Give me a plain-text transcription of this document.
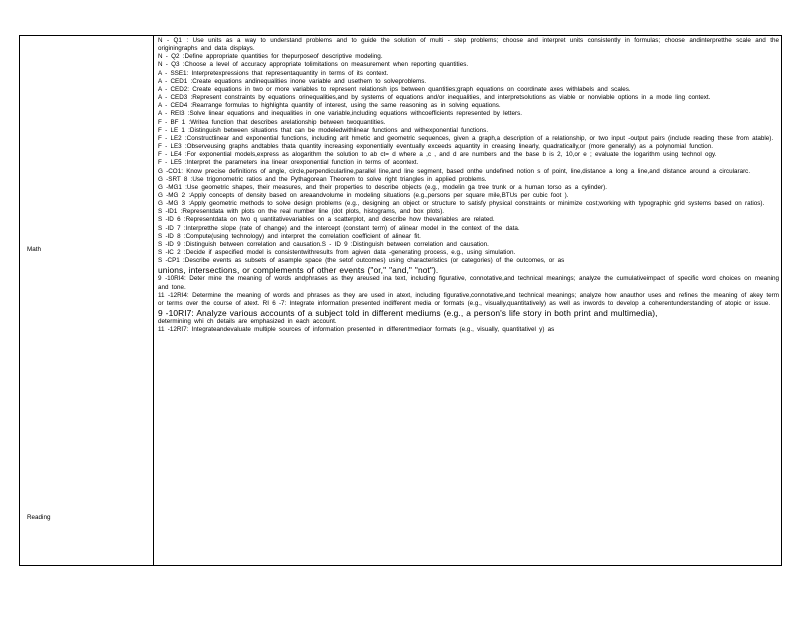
Math
Reading
N - Q1 : Use units as a way to understand problems and to guide the solution of multi - step problems; choose and interpret units consistently in formulas; choose andinterpretthe scale and the originingraphs and data displays.
N - Q2 :Define appropriate quantities for thepurposeof descriptive modeling.
N - Q3 :Choose a level of accuracy appropriate tolimitations on measurement when reporting quantities.
A - SSE1: Interpretexpressions that representaquantity in terms of its context.
A - CED1 :Create equations andinequalities inone variable and usethem to solveproblems.
A - CED2: Create equations in two or more variables to represent relationsh ips between quantities;graph equations on coordinate axes withlabels and scales.
A - CED3 :Represent constraints by equations orinequalities,and by systems of equations and/or inequalities, and interpretsolutions as viable or nonviable options in a mode ling context.
A - CED4 :Rearrange formulas to highlighta quantity of interest, using the same reasoning as in solving equations.
A - REI3 :Solve linear equations and inequalities in one variable,including equations withcoefficients represented by letters.
F - BF 1 :Writea function that describes arelationship between twoquantities.
F - LE 1 :Distinguish between situations that can be modeledwithlinear functions and withexponential functions.
F - LE2 :Constructlinear and exponential functions, including arit hmetic and geometric sequences, given a graph,a description of a relationship, or two input -output pairs (include reading these from atable).
F - LE3 :Observeusing graphs andtables thata quantity increasing exponentially eventually exceeds aquantity in creasing linearly, quadratically,or (more generally) as a polynomial function.
F - LE4 :For exponential models,express as alogarithm the solution to ab ct= d where a ,c , and d are numbers and the base b is 2, 10,or e ; evaluate the logarithm using technol ogy.
F - LE5 :Interpret the parameters ina linear orexponential function in terms of acontext.
G -CO1: Know precise definitions of angle, circle,perpendicularline,parallel line,and line segment, based onthe undefined notion s of point, line,distance a long a line,and distance around a circulararc.
G -SRT 8 :Use trigonometric ratios and the Pythagorean Theorem to solve right triangles in applied problems.
G -MG1 :Use geometric shapes, their measures, and their properties to describe objects (e.g., modelin ga tree trunk or a human torso as a cylinder).
G -MG 2 :Apply concepts of density based on areaandvolume in modeling situations (e.g.,persons per square mile,BTUs per cubic foot ).
G -MG 3 :Apply geometric methods to solve design problems (e.g., designing an object or structure to satisfy physical constraints or minimize cost;working with typographic grid systems based on ratios).
S -ID1 :Representdata with plots on the real number line (dot plots, histograms, and box plots).
S -ID 6 :Representdata on two q uantitativevariables on a scatterplot, and describe how thevariables are related.
S -ID 7 :Interpretthe slope (rate of change) and the intercept (constant term) of alinear model in the context of the data.
S -ID 8 :Compute(using technology) and interpret the correlation coefficient of alinear fit.
S -ID 9 :Distinguish between correlation and causation.S - ID 9 :Distinguish between correlation and causation.
S -IC 2 :Decide if aspecified model is consistentwithresults from agiven data -generating process, e.g., using simulation.
S -CP1 :Describe events as subsets of asample space (the setof outcomes) using characteristics (or categories) of the outcomes, or as
unions, intersections, or complements of other events ("or," "and," "not").
9 -10RI4: Deter mine the meaning of words andphrases as they areused ina text, including figurative, connotative,and technical meanings; analyze the cumulativeimpact of specific word choices on meaning and tone.
11 -12RI4: Determine the meaning of words and phrases as they are used in atext, including figurative,connotative,and technical meanings; analyze how anauthor uses and refines the meaning of akey term or terms over the course of atext. RI 6 -7: Integrate information presented indifferent media or formats (e.g., visually,quantitatively) as well as inwords to develop a coherentunderstanding of atopic or issue.
9 -10RI7: Analyze various accounts of a subject told in different mediums (e.g., a person's life story in both print and multimedia),
determining whi ch details are emphasized in each account.
11 -12RI7: Integrateandevaluate multiple sources of information presented in differentmediaor formats (e.g., visually, quantitativel y) as
